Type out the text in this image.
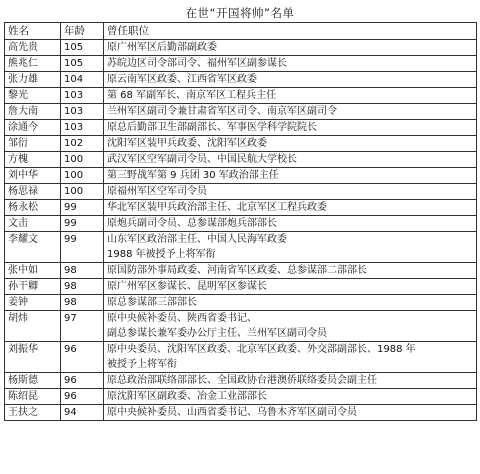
在世“开国将帅”名单
姓名	年龄	曾任职位
高先贵	105	原广州军区后勤部副政委

熊兆仁	105	苏皖边区司令部司令、福州军区副参谋长

张力雄	104	原云南军区政委、江西省军区政委

黎光	103	第 68 军副军长、南京军区工程兵主任

詹大南	103	兰州军区副司令兼甘肃省军区司令、南京军区副司令

涂通今	103	原总后勤部卫生部副部长、军事医学科学院院长

邹衍	102	沈阳军区装甲兵政委、沈阳军区政委

方槐	100	武汉军区空军副司令员、中国民航大学校长

刘中华	100	第三野战军第 9 兵团 30 军政治部主任

杨思禄	100	原福州军区空军司令员

杨永松	99	华北军区装甲兵政治部主任、北京军区工程兵政委

文击	99	原炮兵副司令员、总参谋部炮兵部部长

李耀文	99	山东军区政治部主任、中国人民海军政委
1988 年被授予上将军衔

张中如	98	原国防部外事局政委、河南省军区政委、总参谋部二部部长

孙干卿	98	原广州军区参谋长、昆明军区参谋长

姜钟	98	原总参谋部三部部长

胡炜	97	原中央候补委员、陕西省委书记、
副总参谋长兼军委办公厅主任、兰州军区副司令员

刘振华	96	原中央委员、沈阳军区政委、北京军区政委、外交部副部长、1988 年
被授予上将军衔

杨斯德	96	原总政治部联络部部长、全国政协台港澳侨联络委员会副主任

陈绍昆	96	原沈阳军区副政委、冶金工业部部长

王扶之	94	原中央候补委员、山西省委书记、乌鲁木齐军区副司令员
